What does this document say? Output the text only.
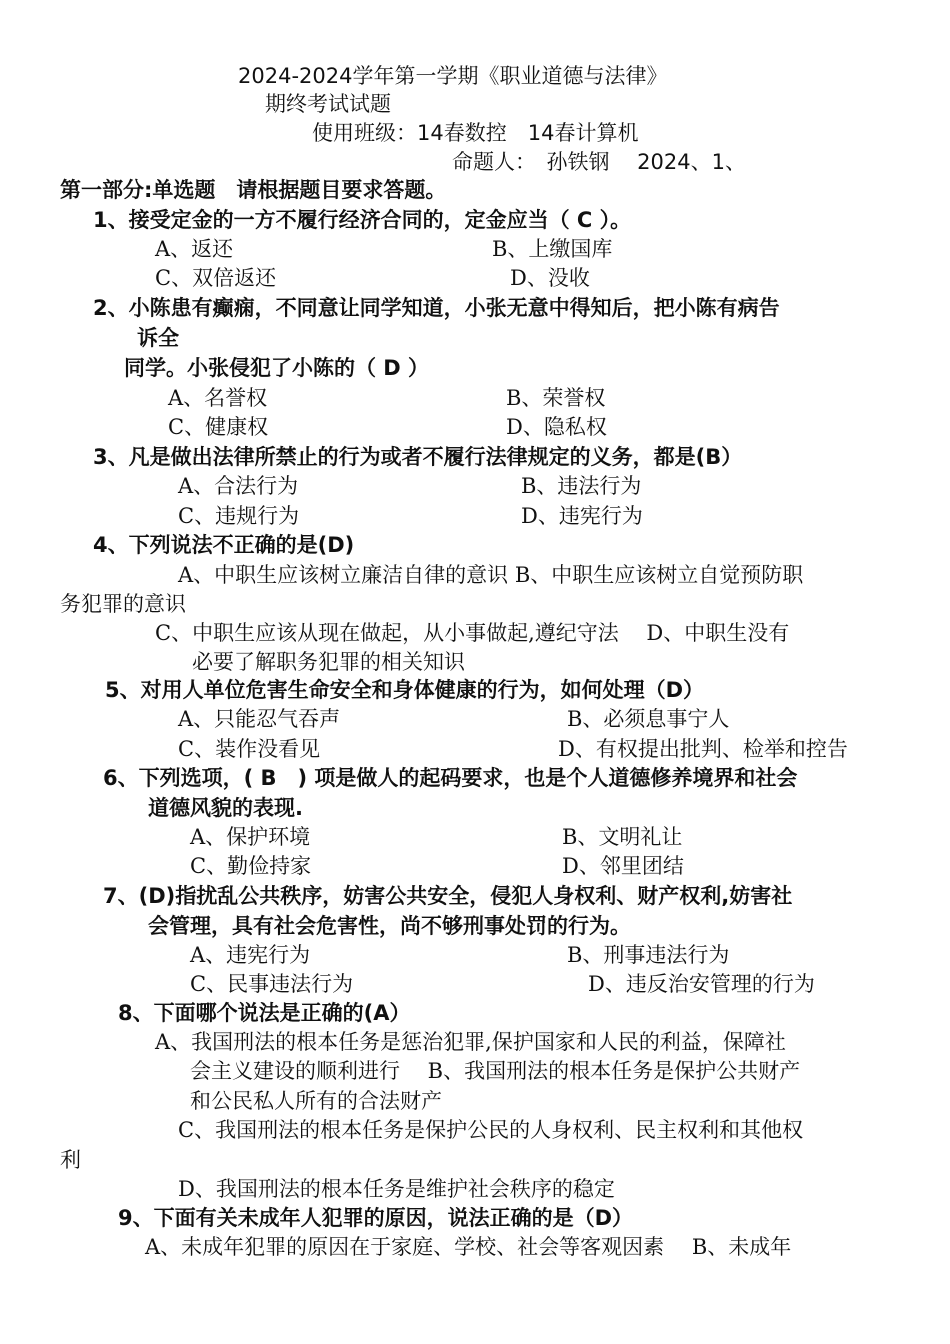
2024-2024学年第一学期《职业道德与法律》
期终考试试题
使用班级：14春数控　14春计算机
命题人：　孙铁钢　 2024、1、
第一部分:单选题　请根据题目要求答题。
1、接受定金的一方不履行经济合同的，定金应当（ C ）。
A、返还	B、上缴国库
C、双倍返还	D、没收
2、小陈患有癫痫，不同意让同学知道，小张无意中得知后，把小陈有病告
诉全
同学。小张侵犯了小陈的（ D ）
A、名誉权	B、荣誉权
C、健康权	D、隐私权
3、凡是做出法律所禁止的行为或者不履行法律规定的义务，都是(B）
A、合法行为	B、违法行为
C、违规行为	D、违宪行为
4、下列说法不正确的是(D)
A、中职生应该树立廉洁自律的意识 B、中职生应该树立自觉预防职
务犯罪的意识
C、中职生应该从现在做起，从小事做起,遵纪守法　 D、中职生没有
必要了解职务犯罪的相关知识
5、对用人单位危害生命安全和身体健康的行为，如何处理（D）
A、只能忍气吞声	B、必须息事宁人
C、装作没看见	D、有权提出批判、检举和控告
6、下列选项，( B　) 项是做人的起码要求，也是个人道德修养境界和社会
道德风貌的表现.
A、保护环境	B、文明礼让
C、勤俭持家	D、邻里团结
7、(D)指扰乱公共秩序，妨害公共安全，侵犯人身权利、财产权利,妨害社
会管理，具有社会危害性，尚不够刑事处罚的行为。
A、违宪行为	B、刑事违法行为
C、民事违法行为	D、违反治安管理的行为
8、下面哪个说法是正确的(A）
A、我国刑法的根本任务是惩治犯罪,保护国家和人民的利益，保障社
会主义建设的顺利进行　 B、我国刑法的根本任务是保护公共财产
和公民私人所有的合法财产
C、我国刑法的根本任务是保护公民的人身权利、民主权利和其他权
利
D、我国刑法的根本任务是维护社会秩序的稳定
9、下面有关未成年人犯罪的原因，说法正确的是（D）
A、未成年犯罪的原因在于家庭、学校、社会等客观因素　 B、未成年
